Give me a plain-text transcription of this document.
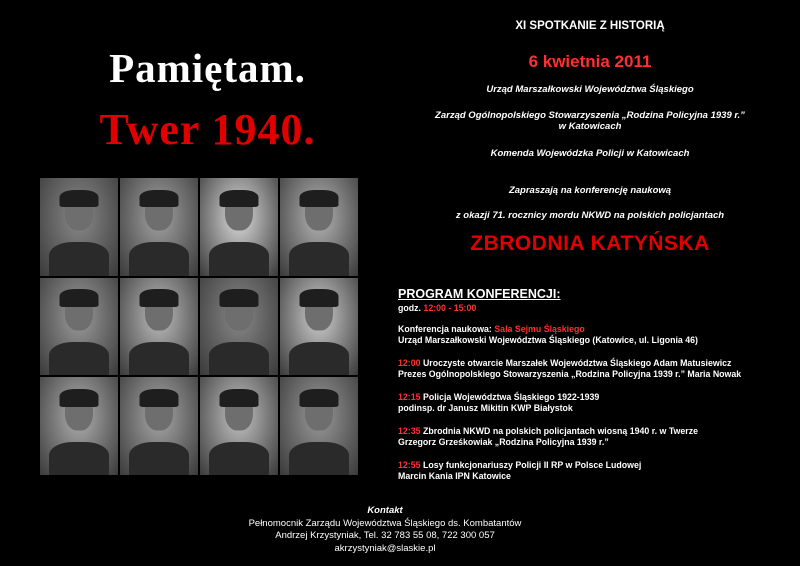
Pamiętam.
Twer 1940.
XI SPOTKANIE Z HISTORIĄ
6 kwietnia 2011
Urząd Marszałkowski Województwa Śląskiego
Zarząd Ogólnopolskiego Stowarzyszenia „Rodzina Policyjna 1939 r.”
w Katowicach
Komenda Wojewódzka Policji w Katowicach
Zapraszają na konferencję naukową
z okazji 71. rocznicy mordu NKWD na polskich policjantach
ZBRODNIA KATYŃSKA
PROGRAM KONFERENCJI:
godz. 12:00 - 15:00
Konferencja naukowa: Sala Sejmu Śląskiego
Urząd Marszałkowski Województwa Śląskiego (Katowice, ul. Ligonia 46)
12:00 Uroczyste otwarcie Marszałek Województwa Śląskiego Adam Matusiewicz
Prezes Ogólnopolskiego Stowarzyszenia „Rodzina Policyjna 1939 r.” Maria Nowak
12:15 Policja Województwa Śląskiego 1922-1939
podinsp. dr Janusz Mikitin KWP Białystok
12:35 Zbrodnia NKWD na polskich policjantach wiosną 1940 r. w Twerze
Grzegorz Grześkowiak „Rodzina Policyjna 1939 r.”
12:55 Losy funkcjonariuszy Policji II RP w Polsce Ludowej
Marcin Kania IPN Katowice
Kontakt
Pełnomocnik Zarządu Województwa Śląskiego ds. Kombatantów
Andrzej Krzystyniak, Tel. 32 783 55 08, 722 300 057
akrzystyniak@slaskie.pl
